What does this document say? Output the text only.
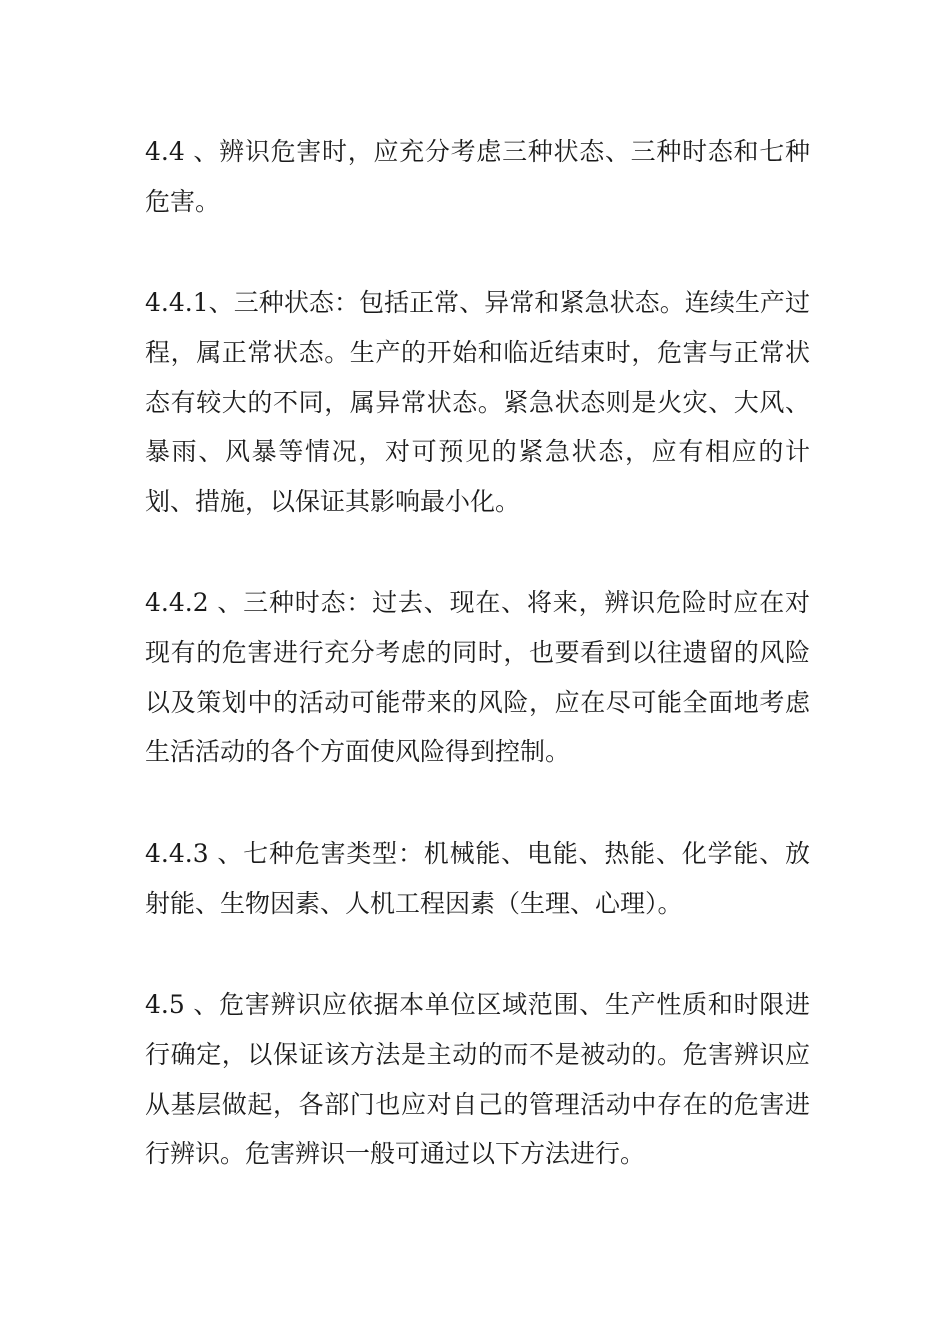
4.4 、辨识危害时，应充分考虑三种状态、三种时态和七种危害。

4.4.1、三种状态：包括正常、异常和紧急状态。连续生产过程，属正常状态。生产的开始和临近结束时，危害与正常状态有较大的不同，属异常状态。紧急状态则是火灾、大风、暴雨、风暴等情况，对可预见的紧急状态，应有相应的计划、措施，以保证其影响最小化。

4.4.2 、三种时态：过去、现在、将来，辨识危险时应在对现有的危害进行充分考虑的同时，也要看到以往遗留的风险以及策划中的活动可能带来的风险，应在尽可能全面地考虑生活活动的各个方面使风险得到控制。

4.4.3 、七种危害类型：机械能、电能、热能、化学能、放射能、生物因素、人机工程因素（生理、心理）。

4.5 、危害辨识应依据本单位区域范围、生产性质和时限进行确定，以保证该方法是主动的而不是被动的。危害辨识应从基层做起，各部门也应对自己的管理活动中存在的危害进行辨识。危害辨识一般可通过以下方法进行。
